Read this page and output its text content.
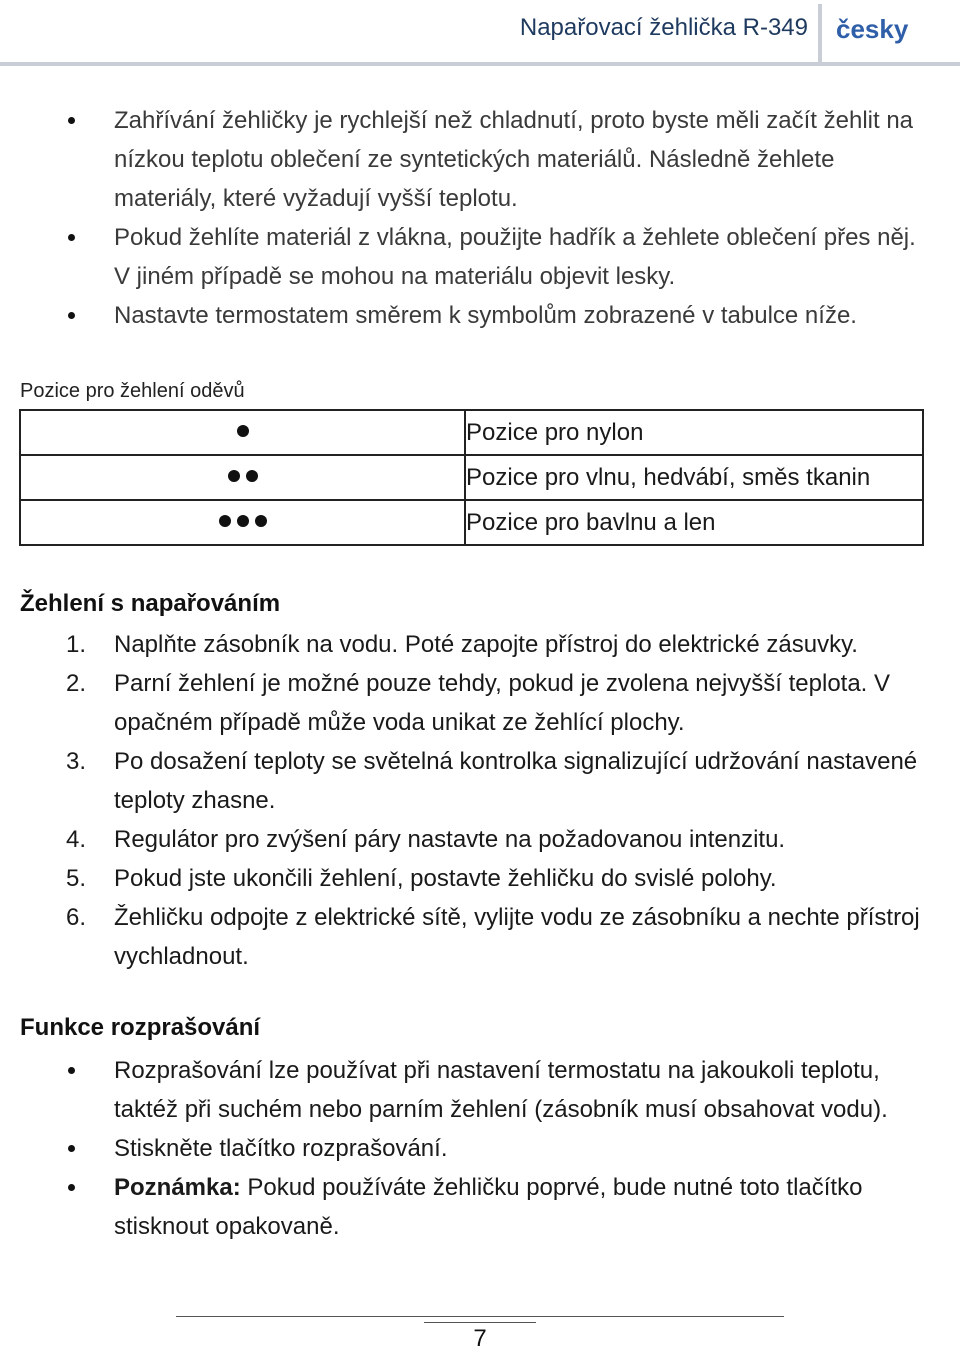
Napařovací žehlička R-349 česky
Zahřívání žehličky je rychlejší než chladnutí, proto byste měli začít žehlit na nízkou teplotu oblečení ze syntetických materiálů. Následně žehlete materiály, které vyžadují vyšší teplotu.
Pokud žehlíte materiál z vlákna, použijte hadřík a žehlete oblečení přes něj. V jiném případě se mohou na materiálu objevit lesky.
Nastavte termostatem směrem k symbolům zobrazené v tabulce níže.
Pozice pro žehlení oděvů
	Pozice pro nylon
	Pozice pro vlnu, hedvábí, směs tkanin
	Pozice pro bavlnu a len
Žehlení s napařováním
1. Naplňte zásobník na vodu. Poté zapojte přístroj do elektrické zásuvky.
2. Parní žehlení je možné pouze tehdy, pokud je zvolena nejvyšší teplota. V opačném případě může voda unikat ze žehlící plochy.
3. Po dosažení teploty se světelná kontrolka signalizující udržování nastavené teploty zhasne.
4. Regulátor pro zvýšení páry nastavte na požadovanou intenzitu.
5. Pokud jste ukončili žehlení, postavte žehličku do svislé polohy.
6. Žehličku odpojte z elektrické sítě, vylijte vodu ze zásobníku a nechte přístroj vychladnout.
Funkce rozprašování
Rozprašování lze používat při nastavení termostatu na jakoukoli teplotu, taktéž při suchém nebo parním žehlení (zásobník musí obsahovat vodu).
Stiskněte tlačítko rozprašování.
Poznámka: Pokud používáte žehličku poprvé, bude nutné toto tlačítko stisknout opakovaně.
7
